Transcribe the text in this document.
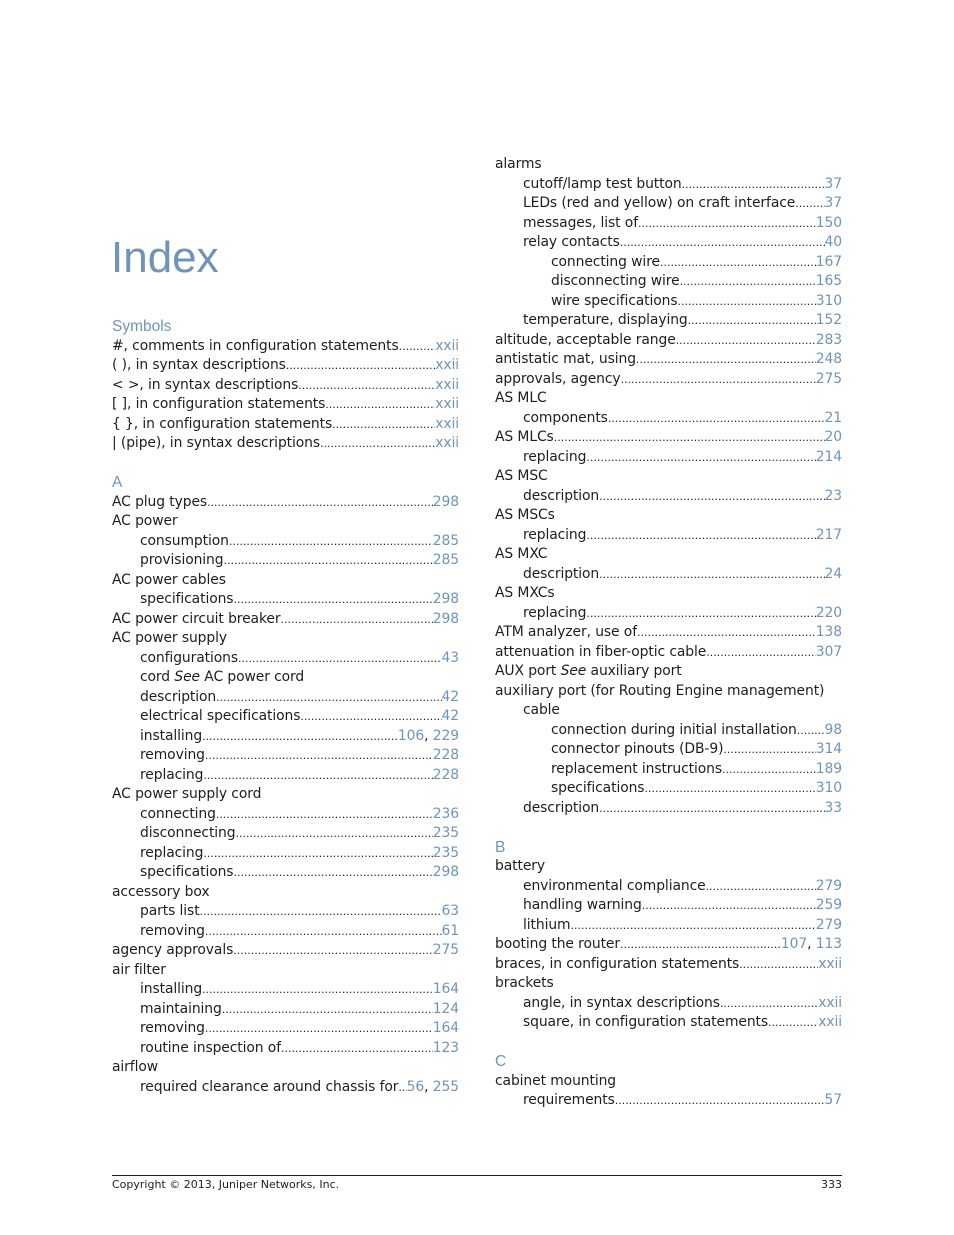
Index
Symbols
#, comments in configuration statements .....	xxii
( ), in syntax descriptions .....	xxii
< >, in syntax descriptions .....	xxii
[ ], in configuration statements .....	xxii
{ }, in configuration statements .....	xxii
| (pipe), in syntax descriptions .....	xxii
A
AC plug types .....	298
AC power
consumption .....	285
provisioning .....	285
AC power cables
specifications .....	298
AC power circuit breaker .....	298
AC power supply
configurations .....	43
cord
See
AC power cord
description .....	42
electrical specifications .....	42
installing .....	106, 229
removing .....	228
replacing .....	228
AC power supply cord
connecting .....	236
disconnecting .....	235
replacing .....	235
specifications .....	298
accessory box
parts list .....	63
removing .....	61
agency approvals .....	275
air filter
installing .....	164
maintaining .....	124
removing .....	164
routine inspection of .....	123
airflow
required clearance around chassis for ..... 56, 255
alarms
cutoff/lamp test button .....	37
LEDs (red and yellow) on craft interface ..... 37
messages, list of .....	150
relay contacts .....	40
connecting wire .....	167
disconnecting wire .....	165
wire specifications .....	310
temperature, displaying .....	152
altitude, acceptable range .....	283
antistatic mat, using .....	248
approvals, agency .....	275
AS MLC
components .....	21
AS MLCs .....	20
replacing .....	214
AS MSC
description .....	23
AS MSCs
replacing .....	217
AS MXC
description .....	24
AS MXCs
replacing .....	220
ATM analyzer, use of .....	138
attenuation in fiber-optic cable .....	307
AUX port
See
auxiliary port
auxiliary port (for Routing Engine management)
cable
connection during initial installation ..... 98
connector pinouts (DB-9) .....	314
replacement instructions .....	189
specifications .....	310
description .....	33
B
battery
environmental compliance .....	279
handling warning .....	259
lithium .....	279
booting the router .....	107, 113
braces, in configuration statements .....	xxii
brackets
angle, in syntax descriptions .....	xxii
square, in configuration statements .....	xxii
C
cabinet mounting
requirements .....	57
Copyright © 2013, Juniper Networks, Inc.	333
